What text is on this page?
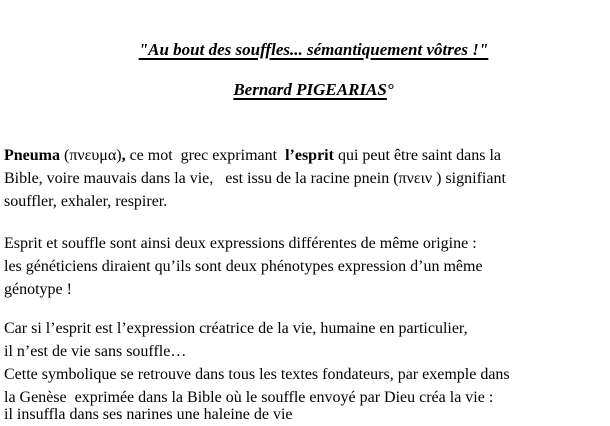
"Au bout des souffles... sémantiquement vôtres !"

Bernard PIGEARIAS°

Pneuma (πνευμα), ce mot  grec exprimant  l’esprit qui peut être saint dans la
Bible, voire mauvais dans la vie,   est issu de la racine pnein (πνειν ) signifiant
souffler, exhaler, respirer.
Esprit et souffle sont ainsi deux expressions différentes de même origine :
les généticiens diraient qu’ils sont deux phénotypes expression d’un même
génotype !
Car si l’esprit est l’expression créatrice de la vie, humaine en particulier,
il n’est de vie sans souffle…
Cette symbolique se retrouve dans tous les textes fondateurs, par exemple dans
la Genèse  exprimée dans la Bible où le souffle envoyé par Dieu créa la vie :
il insuffla dans ses narines une haleine de vie
